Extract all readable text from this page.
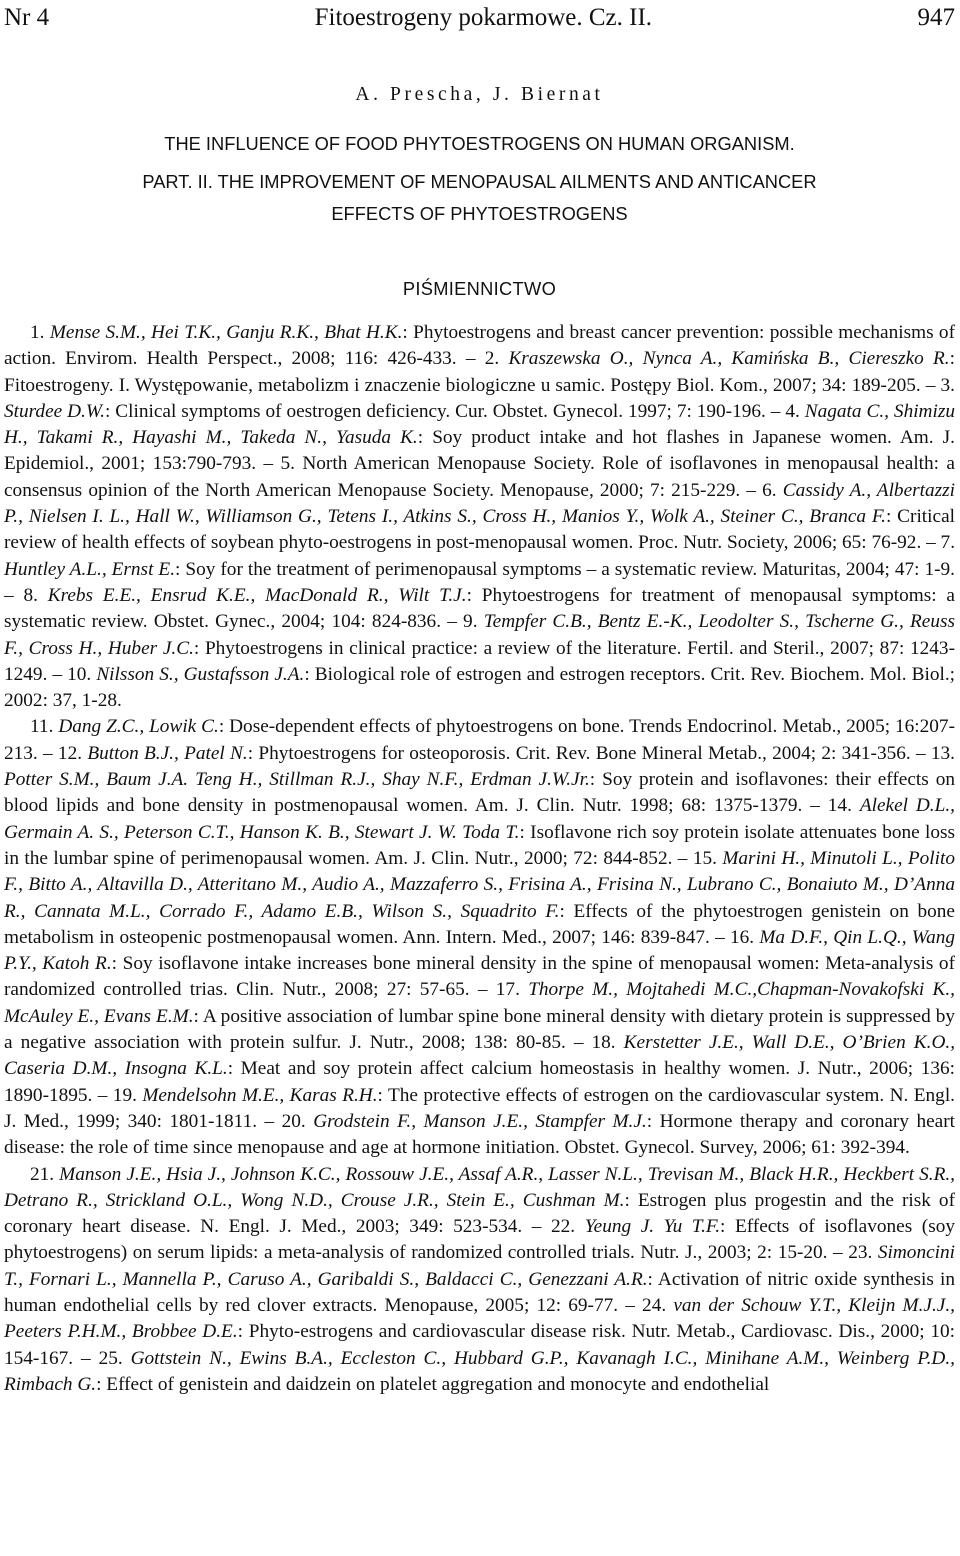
Nr 4	Fitoestrogeny pokarmowe. Cz. II.	947
A. Prescha, J. Biernat
THE INFLUENCE OF FOOD PHYTOESTROGENS ON HUMAN ORGANISM.
PART. II. THE IMPROVEMENT OF MENOPAUSAL AILMENTS AND ANTICANCER
EFFECTS OF PHYTOESTROGENS
PIŚMIENNICTWO

1. Mense S.M., Hei T.K., Ganju R.K., Bhat H.K.: Phytoestrogens and breast cancer prevention: possible mechanisms of action. Envirom. Health Perspect., 2008; 116: 426-433. – 2. Kraszewska O., Nynca A., Kamińska B., Ciereszko R.: Fitoestrogeny. I. Występowanie, metabolizm i znaczenie biologiczne u samic. Postępy Biol. Kom., 2007; 34: 189-205. – 3. Sturdee D.W.: Clinical symptoms of oestrogen deficiency. Cur. Obstet. Gynecol. 1997; 7: 190-196. – 4. Nagata C., Shimizu H., Takami R., Hayashi M., Takeda N., Yasuda K.: Soy product intake and hot flashes in Japanese women. Am. J. Epidemiol., 2001; 153:790-793. – 5. North American Menopause Society. Role of isoflavones in menopausal health: a consensus opinion of the North American Menopause Society. Menopause, 2000; 7: 215-229. – 6. Cassidy A., Albertazzi P., Nielsen I. L., Hall W., Williamson G., Tetens I., Atkins S., Cross H., Manios Y., Wolk A., Steiner C., Branca F.: Critical review of health effects of soybean phyto-oestrogens in post-menopausal women. Proc. Nutr. Society, 2006; 65: 76-92. – 7. Huntley A.L., Ernst E.: Soy for the treatment of perimenopausal symptoms – a systematic review. Maturitas, 2004; 47: 1-9. – 8. Krebs E.E., Ensrud K.E., MacDonald R., Wilt T.J.: Phytoestrogens for treatment of menopausal symptoms: a systematic review. Obstet. Gynec., 2004; 104: 824-836. – 9. Tempfer C.B., Bentz E.-K., Leodolter S., Tscherne G., Reuss F., Cross H., Huber J.C.: Phytoestrogens in clinical practice: a review of the literature. Fertil. and Steril., 2007; 87: 1243-1249. – 10. Nilsson S., Gustafsson J.A.: Biological role of estrogen and estrogen receptors. Crit. Rev. Biochem. Mol. Biol.; 2002: 37, 1-28.

11. Dang Z.C., Lowik C.: Dose-dependent effects of phytoestrogens on bone. Trends Endocrinol. Metab., 2005; 16:207-213. – 12. Button B.J., Patel N.: Phytoestrogens for osteoporosis. Crit. Rev. Bone Mineral Metab., 2004; 2: 341-356. – 13. Potter S.M., Baum J.A. Teng H., Stillman R.J., Shay N.F., Erdman J.W.Jr.: Soy protein and isoflavones: their effects on blood lipids and bone density in postmenopausal women. Am. J. Clin. Nutr. 1998; 68: 1375-1379. – 14. Alekel D.L., Germain A. S., Peterson C.T., Hanson K. B., Stewart J. W. Toda T.: Isoflavone rich soy protein isolate attenuates bone loss in the lumbar spine of perimenopausal women. Am. J. Clin. Nutr., 2000; 72: 844-852. – 15. Marini H., Minutoli L., Polito F., Bitto A., Altavilla D., Atteritano M., Audio A., Mazzaferro S., Frisina A., Frisina N., Lubrano C., Bonaiuto M., D’Anna R., Cannata M.L., Corrado F., Adamo E.B., Wilson S., Squadrito F.: Effects of the phytoestrogen genistein on bone metabolism in osteopenic postmenopausal women. Ann. Intern. Med., 2007; 146: 839-847. – 16. Ma D.F., Qin L.Q., Wang P.Y., Katoh R.: Soy isoflavone intake increases bone mineral density in the spine of menopausal women: Meta-analysis of randomized controlled trias. Clin. Nutr., 2008; 27: 57-65. – 17. Thorpe M., Mojtahedi M.C.,Chapman-Novakofski K., McAuley E., Evans E.M.: A positive association of lumbar spine bone mineral density with dietary protein is suppressed by a negative association with protein sulfur. J. Nutr., 2008; 138: 80-85. – 18. Kerstetter J.E., Wall D.E., O’Brien K.O., Caseria D.M., Insogna K.L.: Meat and soy protein affect calcium homeostasis in healthy women. J. Nutr., 2006; 136: 1890-1895. – 19. Mendelsohn M.E., Karas R.H.: The protective effects of estrogen on the cardiovascular system. N. Engl. J. Med., 1999; 340: 1801-1811. – 20. Grodstein F., Manson J.E., Stampfer M.J.: Hormone therapy and coronary heart disease: the role of time since menopause and age at hormone initiation. Obstet. Gynecol. Survey, 2006; 61: 392-394.

21. Manson J.E., Hsia J., Johnson K.C., Rossouw J.E., Assaf A.R., Lasser N.L., Trevisan M., Black H.R., Heckbert S.R., Detrano R., Strickland O.L., Wong N.D., Crouse J.R., Stein E., Cushman M.: Estrogen plus progestin and the risk of coronary heart disease. N. Engl. J. Med., 2003; 349: 523-534. – 22. Yeung J. Yu T.F.: Effects of isoflavones (soy phytoestrogens) on serum lipids: a meta-analysis of randomized controlled trials. Nutr. J., 2003; 2: 15-20. – 23. Simoncini T., Fornari L., Mannella P., Caruso A., Garibaldi S., Baldacci C., Genezzani A.R.: Activation of nitric oxide synthesis in human endothelial cells by red clover extracts. Menopause, 2005; 12: 69-77. – 24. van der Schouw Y.T., Kleijn M.J.J., Peeters P.H.M., Brobbee D.E.: Phyto-estrogens and cardiovascular disease risk. Nutr. Metab., Cardiovasc. Dis., 2000; 10: 154-167. – 25. Gottstein N., Ewins B.A., Eccleston C., Hubbard G.P., Kavanagh I.C., Minihane A.M., Weinberg P.D., Rimbach G.: Effect of genistein and daidzein on platelet aggregation and monocyte and endothelial
